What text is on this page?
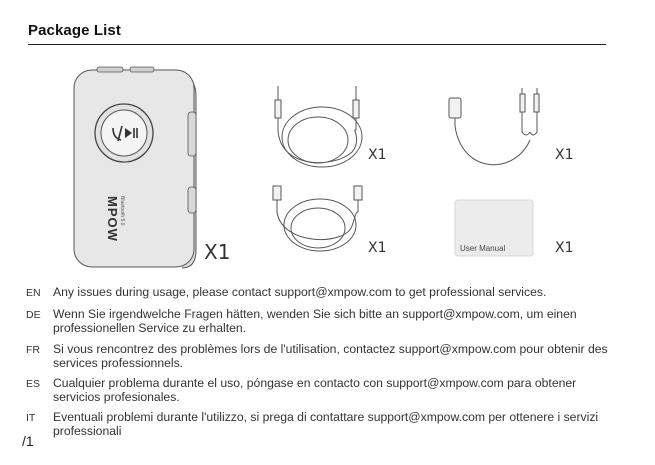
Package List
MPOW Bluetooth 5.0
User Manual
X1
X1	X1
X1	X1
EN Any issues during usage, please contact support@xmpow.com to get professional services.
DE Wenn Sie irgendwelche Fragen hätten, wenden Sie sich bitte an support@xmpow.com, um einen professionellen Service zu erhalten.
FR Si vous rencontrez des problèmes lors de l'utilisation, contactez support@xmpow.com pour obtenir des services professionnels.
ES Cualquier problema durante el uso, póngase en contacto con support@xmpow.com para obtener servicios profesionales.
IT Eventuali problemi durante l'utilizzo, si prega di contattare support@xmpow.com per ottenere i servizi professionali
/1
